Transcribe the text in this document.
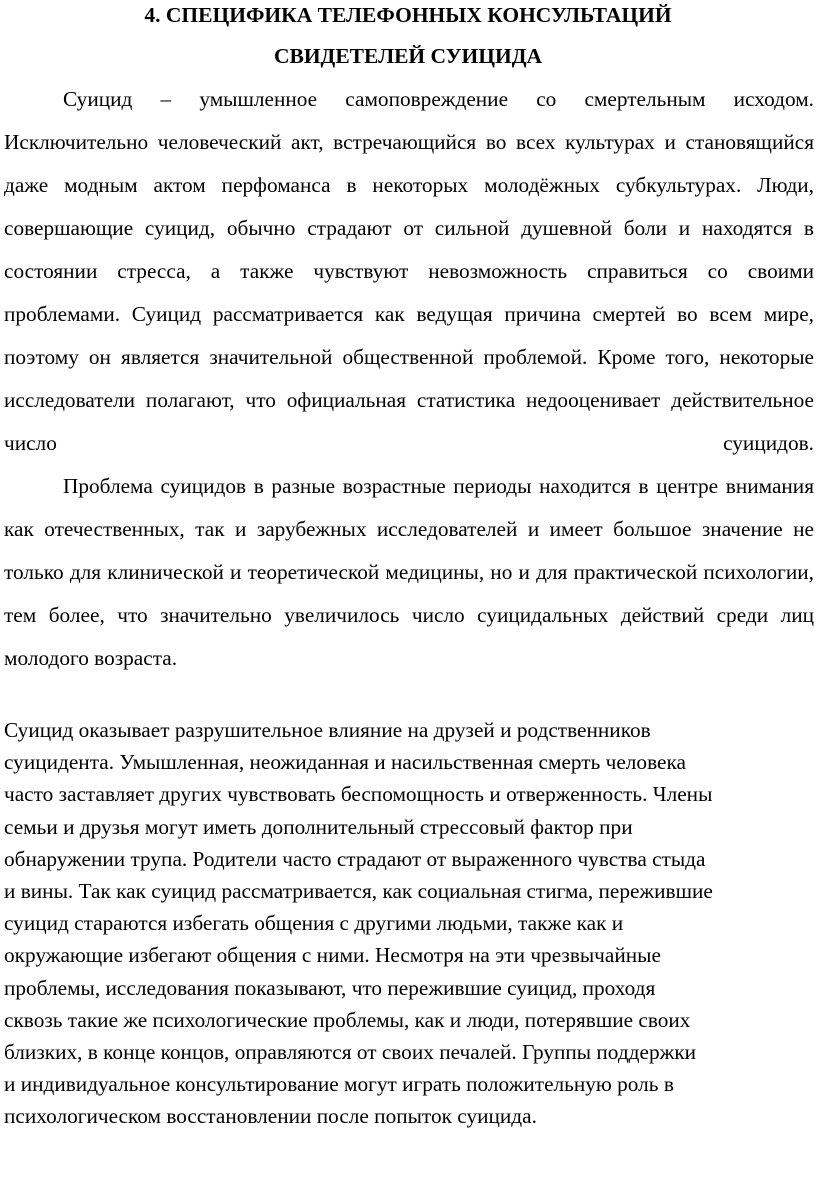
4. СПЕЦИФИКА ТЕЛЕФОННЫХ КОНСУЛЬТАЦИЙ
СВИДЕТЕЛЕЙ СУИЦИДА

Суицид – умышленное самоповреждение со смертельным исходом. Исключительно человеческий акт, встречающийся во всех культурах и становящийся даже модным актом перфоманса в некоторых молодёжных субкультурах. Люди, совершающие суицид, обычно страдают от сильной душевной боли и находятся в состоянии стресса, а также чувствуют невозможность справиться со своими проблемами. Суицид рассматривается как ведущая причина смертей во всем мире, поэтому он является значительной общественной проблемой. Кроме того, некоторые исследователи полагают, что официальная статистика недооценивает действительное число суицидов.

Проблема суицидов в разные возрастные периоды находится в центре внимания как отечественных, так и зарубежных исследователей и имеет большое значение не только для клинической и теоретической медицины, но и для практической психологии, тем более, что значительно увеличилось число суицидальных действий среди лиц молодого возраста.

Суицид оказывает разрушительное влияние на друзей и родственников
суицидента. Умышленная, неожиданная и насильственная смерть человека
часто заставляет других чувствовать беспомощность и отверженность. Члены
семьи и друзья могут иметь дополнительный стрессовый фактор при
обнаружении трупа. Родители часто страдают от выраженного чувства стыда
и вины. Так как суицид рассматривается, как социальная стигма, пережившие
суицид стараются избегать общения с другими людьми, также как и
окружающие избегают общения с ними. Несмотря на эти чрезвычайные
проблемы, исследования показывают, что пережившие суицид, проходя
сквозь такие же психологические проблемы, как и люди, потерявшие своих
близких, в конце концов, оправляются от своих печалей. Группы поддержки
и индивидуальное консультирование могут играть положительную роль в
психологическом восстановлении после попыток суицида.
